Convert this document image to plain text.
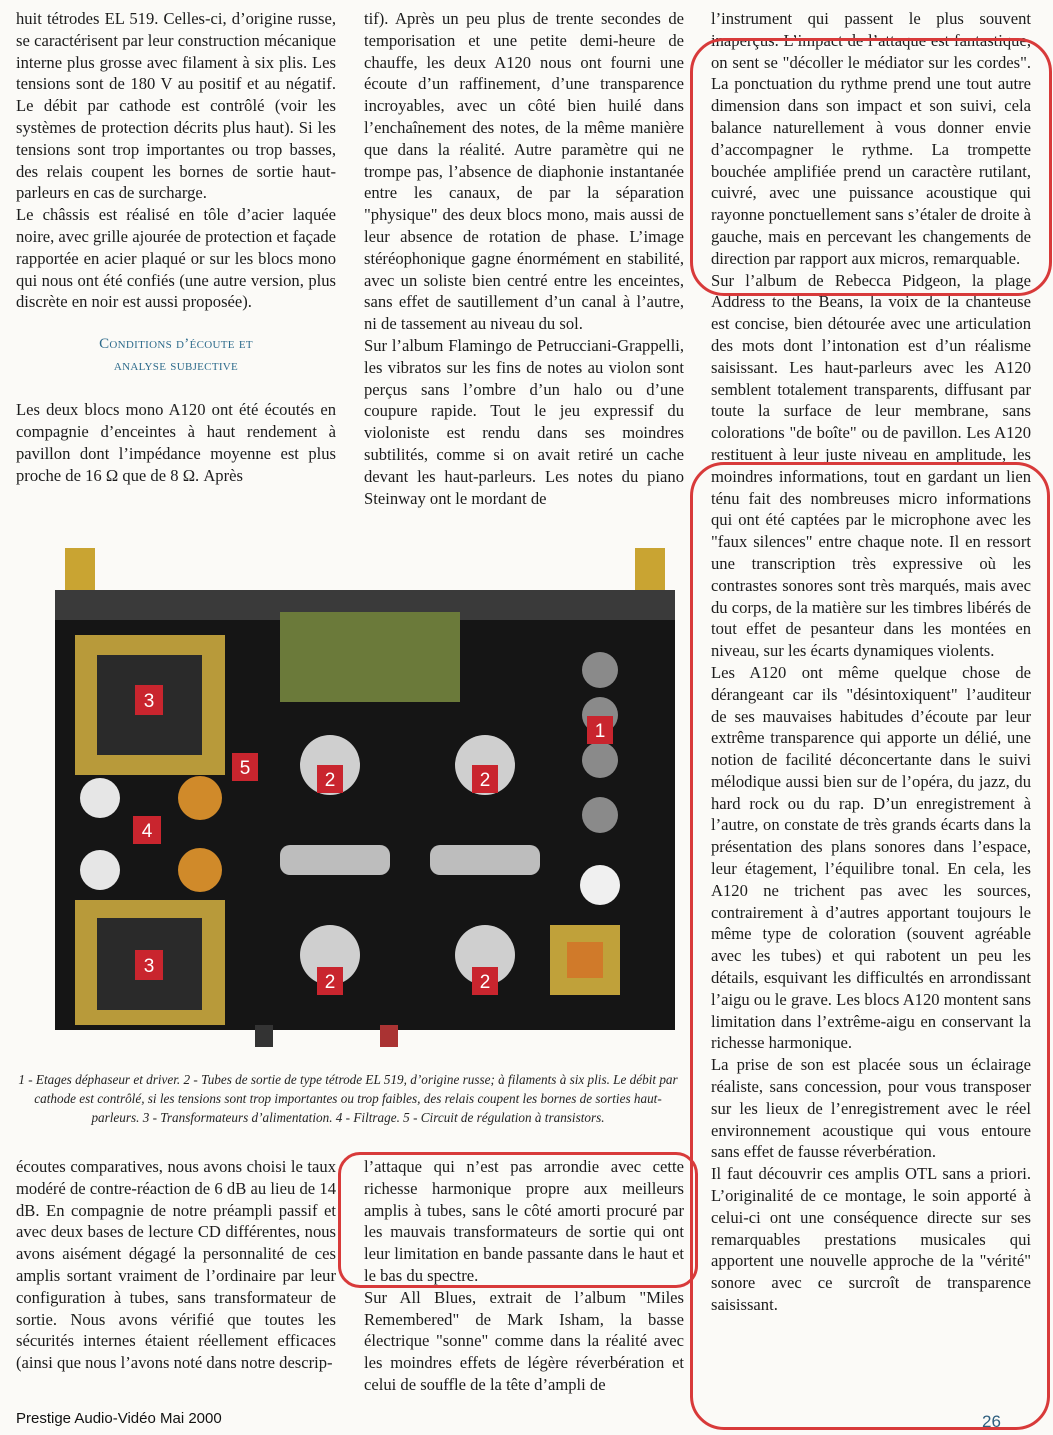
huit tétrodes EL 519. Celles-ci, d’origine russe, se caractérisent par leur construction mécanique interne plus grosse avec filament à six plis. Les tensions sont de 180 V au positif et au négatif. Le débit par cathode est contrôlé (voir les systèmes de protection décrits plus haut). Si les tensions sont trop importantes ou trop basses, des relais coupent les bornes de sortie haut-parleurs en cas de surcharge.

Le châssis est réalisé en tôle d’acier laquée noire, avec grille ajourée de protection et façade rapportée en acier plaqué or sur les blocs mono qui nous ont été confiés (une autre version, plus discrète en noir est aussi proposée).

Conditions d’écoute et
analyse subjective

Les deux blocs mono A120 ont été écoutés en compagnie d’enceintes à haut rendement à pavillon dont l’impédance moyenne est plus proche de 16 Ω que de 8 Ω. Après

tif). Après un peu plus de trente secondes de temporisation et une petite demi-heure de chauffe, les deux A120 nous ont fourni une écoute d’un raffinement, d’une transparence incroyables, avec un côté bien huilé dans l’enchaînement des notes, de la même manière que dans la réalité. Autre paramètre qui ne trompe pas, l’absence de diaphonie instantanée entre les canaux, de par la séparation "physique" des deux blocs mono, mais aussi de leur absence de rotation de phase. L’image stéréophonique gagne énormément en stabilité, avec un soliste bien centré entre les enceintes, sans effet de sautillement d’un canal à l’autre, ni de tassement au niveau du sol.

Sur l’album Flamingo de Petrucciani-Grappelli, les vibratos sur les fins de notes au violon sont perçus sans l’ombre d’un halo ou d’une coupure rapide. Tout le jeu expressif du violoniste est rendu dans ses moindres subtilités, comme si on avait retiré un cache devant les haut-parleurs. Les notes du piano Steinway ont le mordant de

l’instrument qui passent le plus souvent inaperçus. L’impact de l’attaque est fantastique, on sent se "décoller le médiator sur les cordes". La ponctuation du rythme prend une tout autre dimension dans son impact et son suivi, cela balance naturellement à vous donner envie d’accompagner le rythme. La trompette bouchée amplifiée prend un caractère rutilant, cuivré, avec une puissance acoustique qui rayonne ponctuellement sans s’étaler de droite à gauche, mais en percevant les changements de direction par rapport aux micros, remarquable.

Sur l’album de Rebecca Pidgeon, la plage Address to the Beans, la voix de la chanteuse est concise, bien détourée avec une articulation des mots dont l’intonation est d’un réalisme saisissant. Les haut-parleurs avec les A120 semblent totalement transparents, diffusant par toute la surface de leur membrane, sans colorations "de boîte" ou de pavillon. Les A120 restituent à leur juste niveau en amplitude, les moindres informations, tout en gardant un lien ténu fait des nombreuses micro informations qui ont été captées par le microphone avec les "faux silences" entre chaque note. Il en ressort une transcription très expressive où les contrastes sonores sont très marqués, mais avec du corps, de la matière sur les timbres libérés de tout effet de pesanteur dans les montées en niveau, sur les écarts dynamiques violents.

Les A120 ont même quelque chose de dérangeant car ils "désintoxiquent" l’auditeur de ses mauvaises habitudes d’écoute par leur extrême transparence qui apporte un délié, une notion de facilité déconcertante dans le suivi mélodique aussi bien sur de l’opéra, du jazz, du hard rock ou du rap. D’un enregistrement à l’autre, on constate de très grands écarts dans la présentation des plans sonores dans l’espace, leur étagement, l’équilibre tonal. En cela, les A120 ne trichent pas avec les sources, contrairement à d’autres apportant toujours le même type de coloration (souvent agréable avec les tubes) et qui rabotent un peu les détails, esquivant les difficultés en arrondissant l’aigu ou le grave. Les blocs A120 montent sans limitation dans l’extrême-aigu en conservant la richesse harmonique.

La prise de son est placée sous un éclairage réaliste, sans concession, pour vous transposer sur les lieux de l’enregistrement avec le réel environnement acoustique qui vous entoure sans effet de fausse réverbération.

Il faut découvrir ces amplis OTL sans a priori. L’originalité de ce montage, le soin apporté à celui-ci ont une conséquence directe sur ses remarquables prestations musicales qui apportent une nouvelle approche de la "vérité" sonore avec ce surcroît de transparence saisissant.

1
2	2
2	2
3
3
4
5
1 - Etages déphaseur et driver. 2 - Tubes de sortie de type tétrode EL 519, d’origine russe; à filaments à six plis. Le débit par cathode est contrôlé, si les tensions sont trop importantes ou trop faibles, des relais coupent les bornes de sorties haut-parleurs. 3 - Transformateurs d’alimentation. 4 - Filtrage. 5 - Circuit de régulation à transistors.

écoutes comparatives, nous avons choisi le taux modéré de contre-réaction de 6 dB au lieu de 14 dB. En compagnie de notre préampli passif et avec deux bases de lecture CD différentes, nous avons aisément dégagé la personnalité de ces amplis sortant vraiment de l’ordinaire par leur configuration à tubes, sans transformateur de sortie. Nous avons vérifié que toutes les sécurités internes étaient réellement efficaces (ainsi que nous l’avons noté dans notre descrip-

l’attaque qui n’est pas arrondie avec cette richesse harmonique propre aux meilleurs amplis à tubes, sans le côté amorti procuré par les mauvais transformateurs de sortie qui ont leur limitation en bande passante dans le haut et le bas du spectre.

Sur All Blues, extrait de l’album "Miles Remembered" de Mark Isham, la basse électrique "sonne" comme dans la réalité avec les moindres effets de légère réverbération et celui de souffle de la tête d’ampli de

Prestige Audio-Vidéo Mai 2000	26
